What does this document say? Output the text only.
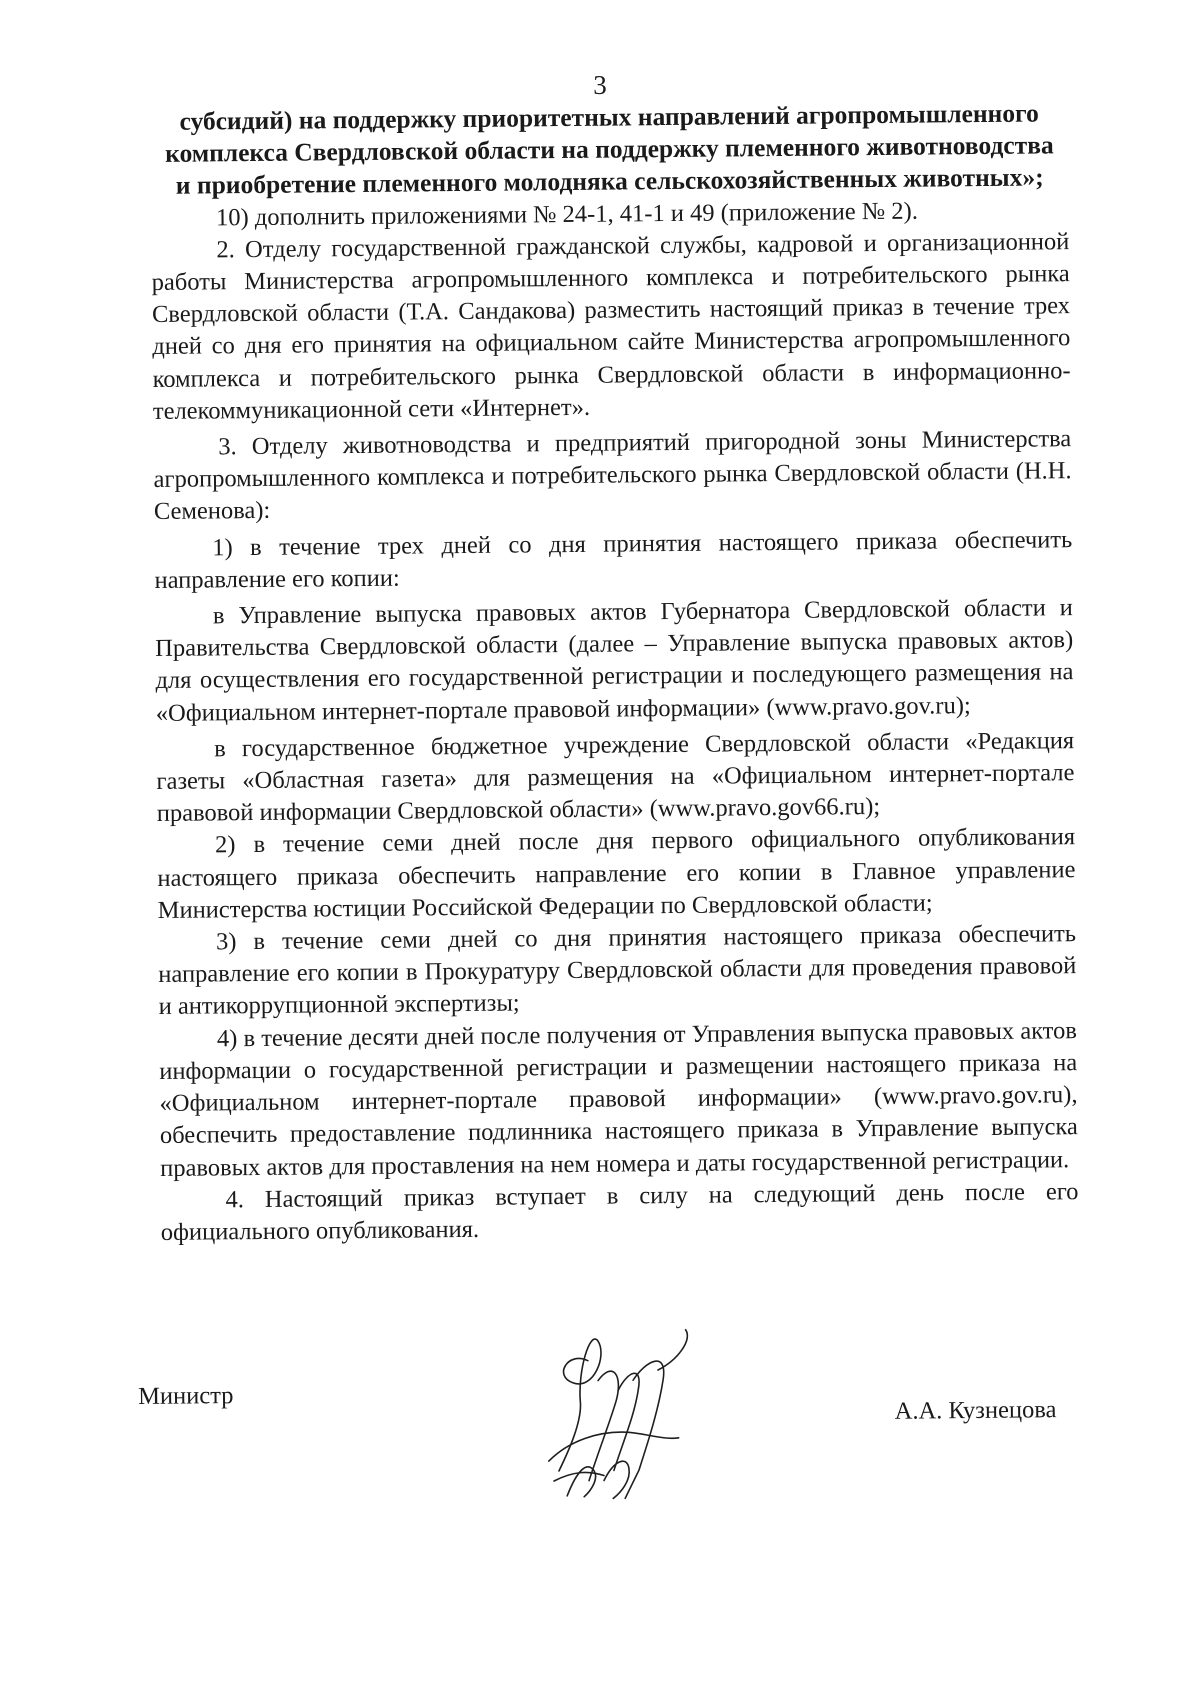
3

субсидий) на поддержку приоритетных направлений агропромышленного

комплекса Свердловской области на поддержку племенного животноводства

и приобретение племенного молодняка сельскохозяйственных животных»;

10) дополнить приложениями № 24-1, 41-1 и 49 (приложение № 2).

2. Отделу государственной гражданской службы, кадровой и организационной работы Министерства агропромышленного комплекса и потребительского рынка Свердловской области (Т.А. Сандакова) разместить настоящий приказ в течение трех дней со дня его принятия на официальном сайте Министерства агропромышленного комплекса и потребительского рынка Свердловской области в информационно-телекоммуникационной сети «Интернет».

3. Отделу животноводства и предприятий пригородной зоны Министерства агропромышленного комплекса и потребительского рынка Свердловской области (Н.Н. Семенова):

1) в течение трех дней со дня принятия настоящего приказа обеспечить направление его копии:

в Управление выпуска правовых актов Губернатора Свердловской области и Правительства Свердловской области (далее – Управление выпуска правовых актов) для осуществления его государственной регистрации и последующего размещения на «Официальном интернет-портале правовой информации» (www.pravo.gov.ru);

в государственное бюджетное учреждение Свердловской области «Редакция газеты «Областная газета» для размещения на «Официальном интернет-портале правовой информации Свердловской области» (www.pravo.gov66.ru);

2) в течение семи дней после дня первого официального опубликования настоящего приказа обеспечить направление его копии в Главное управление Министерства юстиции Российской Федерации по Свердловской области;

3) в течение семи дней со дня принятия настоящего приказа обеспечить направление его копии в Прокуратуру Свердловской области для проведения правовой и антикоррупционной экспертизы;

4) в течение десяти дней после получения от Управления выпуска правовых актов информации о государственной регистрации и размещении настоящего приказа на «Официальном интернет-портале правовой информации» (www.pravo.gov.ru), обеспечить предоставление подлинника настоящего приказа в Управление выпуска правовых актов для проставления на нем номера и даты государственной регистрации.

4. Настоящий приказ вступает в силу на следующий день после его официального опубликования.

Министр
А.А. Кузнецова
